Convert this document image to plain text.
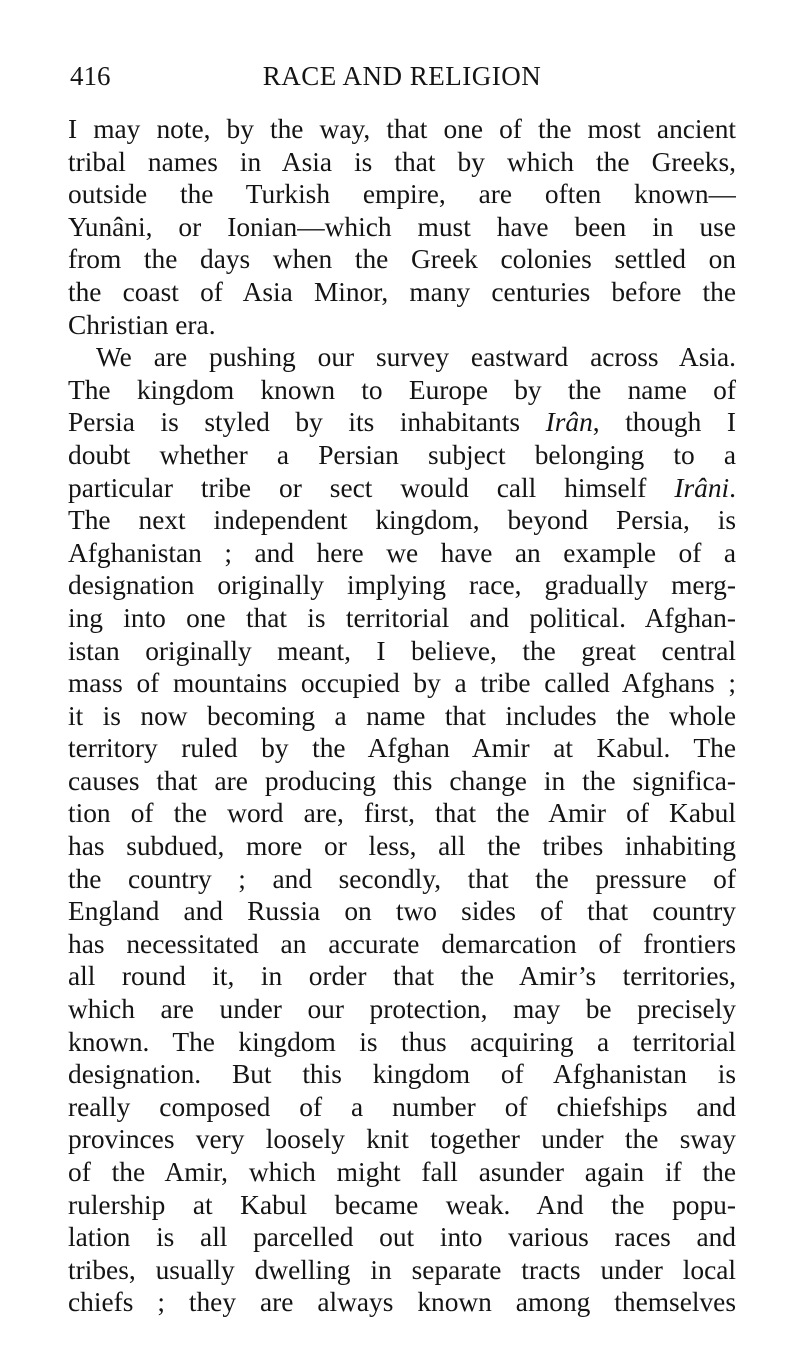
416	RACE AND RELIGION
I may note, by the way, that one of the most ancient
tribal names in Asia is that by which the Greeks,
outside the Turkish empire, are often known—
Yunâni, or Ionian—which must have been in use
from the days when the Greek colonies settled on
the coast of Asia Minor, many centuries before the
Christian era.
We are pushing our survey eastward across Asia.
The kingdom known to Europe by the name of
Persia is styled by its inhabitants Irân, though I
doubt whether a Persian subject belonging to a
particular tribe or sect would call himself Irâni.
The next independent kingdom, beyond Persia, is
Afghanistan ; and here we have an example of a
designation originally implying race, gradually merg-
ing into one that is territorial and political. Afghan-
istan originally meant, I believe, the great central
mass of mountains occupied by a tribe called Afghans ;
it is now becoming a name that includes the whole
territory ruled by the Afghan Amir at Kabul. The
causes that are producing this change in the significa-
tion of the word are, first, that the Amir of Kabul
has subdued, more or less, all the tribes inhabiting
the country ; and secondly, that the pressure of
England and Russia on two sides of that country
has necessitated an accurate demarcation of frontiers
all round it, in order that the Amir’s territories,
which are under our protection, may be precisely
known. The kingdom is thus acquiring a territorial
designation. But this kingdom of Afghanistan is
really composed of a number of chiefships and
provinces very loosely knit together under the sway
of the Amir, which might fall asunder again if the
rulership at Kabul became weak. And the popu-
lation is all parcelled out into various races and
tribes, usually dwelling in separate tracts under local
chiefs ; they are always known among themselves
